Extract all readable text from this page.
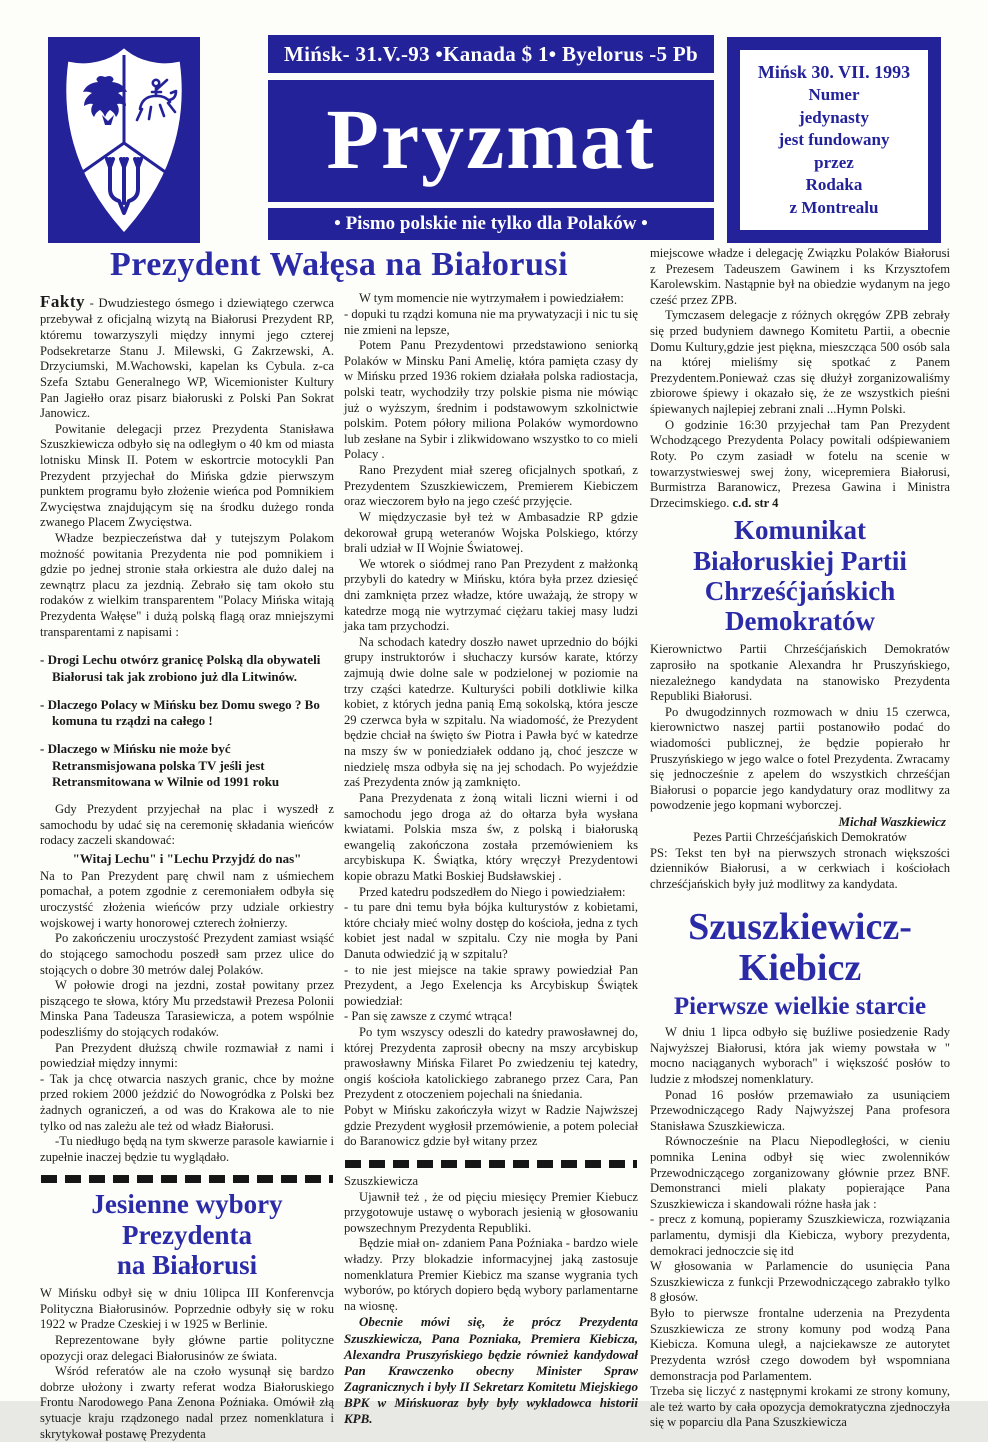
Mińsk- 31.V.-93 •Kanada $ 1• Byelorus -5 Pb
Pryzmat
• Pismo polskie nie tylko dla Polaków •
Mińsk 30. VII. 1993
Numer
jedynasty
jest fundowany
przez
Rodaka
z Montrealu
Prezydent Wałęsa na Białorusi

Fakty - Dwudziestego ósmego i dziewiątego czerwca przebywał z oficjalną wizytą na Białorusi Prezydent RP, któremu towarzyszyli między innymi jego czterej Podsekretarze Stanu J. Milewski, G Zakrzewski, A. Drzyciumski, M.Wachowski, kapelan ks Cybula. z-ca Szefa Sztabu Generalnego WP, Wicemionister Kultury Pan Jagiełło oraz pisarz białoruski z Polski Pan Sokrat Janowicz.

Powitanie delegacji przez Prezydenta Stanisława Szuszkiewicza odbyło się na odległym o 40 km od miasta lotnisku Minsk II. Potem w eskortrcie motocykli Pan Prezydent przyjechał do Mińska gdzie pierwszym punktem programu było złożenie wieńca pod Pomnikiem Zwycięstwa znajdującym się na środku dużego ronda zwanego Placem Zwycięstwa.

Władze bezpieczeństwa dał y tutejszym Polakom możność powitania Prezydenta nie pod pomnikiem i gdzie po jednej stronie stała orkiestra ale dużo dalej na zewnątrz placu za jezdnią. Zebrało się tam około stu rodaków z wielkim transparentem "Polacy Mińska witają Prezydenta Wałęse" i dużą polską flagą oraz mniejszymi transparentami z napisami :

- Drogi Lechu otwórz granicę Polską dla obywateli Białorusi tak jak zrobiono już dla Litwinów.

- Dlaczego Polacy w Mińsku bez Domu swego ? Bo komuna tu rządzi na całego !

- Dlaczego w Mińsku nie może być Retransmisjowana polska TV jeśli jest Retransmitowana w Wilnie od 1991 roku

Gdy Prezydent przyjechał na plac i wyszedł z samochodu by udać się na ceremonię składania wieńców rodacy zaczeli skandować:

"Witaj Lechu" i "Lechu Przyjdź do nas"

Na to Pan Prezydent parę chwil nam z uśmiechem pomachał, a potem zgodnie z ceremoniałem odbyła się uroczystść złożenia wieńców przy udziale orkiestry wojskowej i warty honorowej czterech żołnierzy.

Po zakończeniu uroczystość Prezydent zamiast wsiąść do stojącego samochodu poszedł sam przez ulice do stojących o dobre 30 metrów dalej Polaków.

W połowie drogi na jezdni, został powitany przez piszącego te słowa, który Mu przedstawił Prezesa Polonii Minska Pana Tadeusza Tarasiewicza, a potem wspólnie podeszliśmy do stojących rodaków.

Pan Prezydent dłuższą chwile rozmawiał z nami i powiedział między innymi:

- Tak ja chcę otwarcia naszych granic, chce by możne przed rokiem 2000 jeździć do Nowogródka z Polski bez żadnych ograniczeń, a od was do Krakowa ale to nie tylko od nas zależu ale też od władz Białorusi.

-Tu niedługo będą na tym skwerze parasole kawiarnie i zupełnie inaczej będzie tu wyglądało.

Jesienne wybory
Prezydenta
na Białorusi

W Mińsku odbył się w dniu 10lipca III Konferenvcja Polityczna Białorusinów. Poprzednie odbyły się w roku 1922 w Pradze Czeskiej i w 1925 w Berlinie.

Reprezentowane były główne partie polityczne opozycji oraz delegaci Białorusinów ze świata.

Wśród referatów ale na czoło wysunął się bardzo dobrze ułożony i zwarty referat wodza Białoruskiego Frontu Narodowego Pana Zenona Poźniaka. Omówił złą sytuacje kraju rządzonego nadal przez nomenklatura i skrytykował postawę Prezydenta

W tym momencie nie wytrzymałem i powiedziałem:

- dopuki tu rządzi komuna nie ma prywatyzacji i nic tu się nie zmieni na lepsze,

Potem Panu Prezydentowi przedstawiono seniorką Polaków w Minsku Pani Amelię, która pamięta czasy dy w Mińsku przed 1936 rokiem działała polska radiostacja, polski teatr, wychodziły trzy polskie pisma nie mówiąc już o wyższym, średnim i podstawowym szkolnictwie polskim. Potem półory miliona Polaków wymordowno lub zesłane na Sybir i zlikwidowano wszystko to co mieli Polacy .

Rano Prezydent miał szereg oficjalnych spotkań, z Prezydentem Szuszkiewiczem, Premierem Kiebiczem oraz wieczorem było na jego cześć przyjęcie.

W międzyczasie był też w Ambasadzie RP gdzie dekorował grupą weteranów Wojska Polskiego, którzy brali udział w II Wojnie Światowej.

We wtorek o siódmej rano Pan Prezydent z małżonką przybyli do katedry w Mińsku, która była przez dziesięć dni zamknięta przez władze, które uważają, że stropy w katedrze mogą nie wytrzymać ciężaru takiej masy ludzi jaka tam przychodzi.

Na schodach katedry doszło nawet uprzednio do bójki grupy instruktorów i słuchaczy kursów karate, którzy zajmują dwie dolne sale w podzielonej w poziomie na trzy cząści katedrze. Kulturyści pobili dotkliwie kilka kobiet, z których jedna panią Emą sokolską, która jescze 29 czerwca była w szpitalu. Na wiadomość, że Prezydent będzie chciał na święto św Piotra i Pawła być w katedrze na mszy św w poniedziałek oddano ją, choć jeszcze w niedzielę msza odbyła się na jej schodach. Po wyjeździe zaś Prezydenta znów ją zamknięto.

Pana Prezydenata z żoną witali liczni wierni i od samochodu jego droga aż do ołtarza była wysłana kwiatami. Polskia msza św, z polską i białoruską ewangelią zakończona została przemówieniem ks arcybiskupa K. Świątka, który wręczył Prezydentowi kopie obrazu Matki Boskiej Budsławskiej .

Przed katedru podszedłem do Niego i powiedziałem:

- tu pare dni temu była bójka kulturystów z kobietami, które chciały mieć wolny dostęp do kościoła, jedna z tych kobiet jest nadal w szpitalu. Czy nie mogła by Pani Danuta odwiedzić ją w szpitalu?

- to nie jest miejsce na takie sprawy powiedział Pan Prezydent, a Jego Exelencja ks Arcybiskup Świątek powiedział:

- Pan się zawsze z czymć wtrąca!

Po tym wszyscy odeszli do katedry prawosławnej do, której Prezydenta zaprosił obecny na mszy arcybiskup prawosławny Mińska Filaret Po zwiedzeniu tej katedry, ongiś kościoła katolickiego zabranego przez Cara, Pan Prezydent z otoczeniem pojechali na śniedania.

Pobyt w Mińsku zakończyła wizyt w Radzie Najwższej gdzie Prezydent wygłosił przemówienie, a potem poleciał do Baranowicz gdzie był witany przez

Szuszkiewicza

Ujawnił też , że od pięciu miesięcy Premier Kiebucz przygotowuje ustawę o wyborach jesienią w głosowaniu powszechnym Prezydenta Republiki.

Będzie miał on- zdaniem Pana Poźniaka - bardzo wiele władzy. Przy blokadzie informacyjnej jaką zastosuje nomenklatura Premier Kiebicz ma szanse wygrania tych wyborów, po których dopiero będą wybory parlamentarne na wiosnę.

Obecnie mówi się, że prócz Prezydenta Szuszkiewicza, Pana Pozniaka, Premiera Kiebicza, Alexandra Pruszyńskiego będzie również kandydował Pan Krawczenko obecny Minister Spraw Zagranicznych i były II Sekretarz Komitetu Miejskiego BPK w Mińskuoraz były były wykladowca historii KPB.

miejscowe władze i delegację Związku Polaków Białorusi z Prezesem Tadeuszem Gawinem i ks Krzysztofem Karolewskim. Nastąpnie był na obiedzie wydanym na jego cześć przez ZPB.

Tymczasem delegacje z różnych okręgów ZPB zebrały się przed budyniem dawnego Komitetu Partii, a obecnie Domu Kultury,gdzie jest piękna, mieszcząca 500 osób sala na której mieliśmy się spotkać z Panem Prezydentem.Ponieważ czas się dłużył zorganizowaliśmy zbiorowe śpiewy i okazało się, że ze wszystkich pieśni śpiewanych najlepiej zebrani znali ...Hymn Polski.

O godzinie 16:30 przyjechał tam Pan Prezydent Wchodzącego Prezydenta Polacy powitali odśpiewaniem Roty. Po czym zasiadł w fotelu na scenie w towarzystwieswej swej żony, wicepremiera Białorusi, Burmistrza Baranowicz, Prezesa Gawina i Ministra Drzecimskiego. c.d. str 4

Komunikat
Białoruskiej Partii
Chrześćjańskich
Demokratów

Kierownictwo Partii Chrześćjańskich Demokratów zaprosiło na spotkanie Alexandra hr Pruszyńskiego, niezależnego kandydata na stanowisko Prezydenta Republiki Białorusi.

Po dwugodzinnych rozmowach w dniu 15 czerwca, kierownictwo naszej partii postanowiło podać do wiadomości publicznej, że będzie popierało hr Pruszyńskiego w jego walce o fotel Prezydenta. Zwracamy się jednocześnie z apelem do wszystkich chrześćjan Białorusi o poparcie jego kandydatury oraz modlitwy za powodzenie jego kopmani wyborczej.

Michał Waszkiewicz

Pezes Partii Chrześćjańskich Demokratów

PS: Tekst ten był na pierwszych stronach większości dzienników Białorusi, a w cerkwiach i kościołach chrześćjańskich były już modlitwy za kandydata.

Szuszkiewicz-
Kiebicz
Pierwsze wielkie starcie

W dniu 1 lipca odbyło się buźliwe posiedzenie Rady Najwyższej Białorusi, która jak wiemy powstała w " mocno naciąganych wyborach" i większość posłów to ludzie z młodszej nomenklatury.

Ponad 16 posłów przemawiało za usuniąciem Przewodniczącego Rady Najwyższej Pana profesora Stanisława Szuszkiewicza.

Równocześnie na Placu Niepodległości, w cieniu pomnika Lenina odbył się wiec zwolenników Przewodniczącego zorganizowany głównie przez BNF. Demonstranci mieli plakaty popierające Pana Szuszkiewicza i skandowali różne hasła jak :

- precz z komuną, popieramy Szuszkiewicza, rozwiązania parlamentu, dymisji dla Kiebicza, wybory prezydenta, demokraci jednoczcie się itd

W głosowania w Parlamencie do usunięcia Pana Szuszkiewicza z funkcji Przewodniczącego zabrakło tylko 8 głosów.

Było to pierwsze frontalne uderzenia na Prezydenta Szuszkiewicza ze strony komuny pod wodzą Pana Kiebicza. Komuna uległ, a najciekawsze ze autorytet Prezydenta wzrósł czego dowodem był wspomniana demonstracja pod Parlamentem.

Trzeba się liczyć z następnymi krokami ze strony komuny, ale też warto by cała opozycja demokratyczna zjednoczyła się w poparciu dla Pana Szuszkiewicza
